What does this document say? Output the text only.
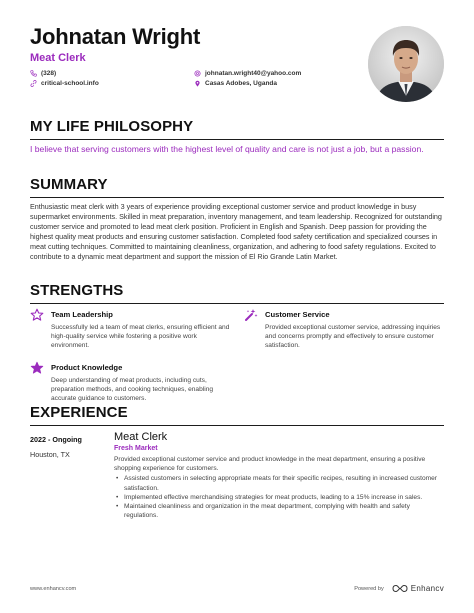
Johnatan Wright
Meat Clerk
(328)	johnatan.wright40@yahoo.com
critical-school.info	Casas Adobes, Uganda
MY LIFE PHILOSOPHY
I believe that serving customers with the highest level of quality and care is not just a job, but a passion.
SUMMARY
Enthusiastic meat clerk with 3 years of experience providing exceptional customer service and product knowledge in busy supermarket environments. Skilled in meat preparation, inventory management, and team leadership. Recognized for outstanding customer service and promoted to lead meat clerk position. Proficient in English and Spanish. Deep passion for providing the highest quality meat products and ensuring customer satisfaction. Completed food safety certification and specialized courses in meat cutting techniques. Committed to maintaining cleanliness, organization, and adhering to food safety regulations. Excited to contribute to a dynamic meat department and support the mission of El Rio Grande Latin Market.
STRENGTHS
Team Leadership
Successfully led a team of meat clerks, ensuring efficient and high-quality service while fostering a positive work environment.
Customer Service
Provided exceptional customer service, addressing inquiries and concerns promptly and effectively to ensure customer satisfaction.
Product Knowledge
Deep understanding of meat products, including cuts, preparation methods, and cooking techniques, enabling accurate guidance to customers.
EXPERIENCE
2022 - Ongoing
Houston, TX
Meat Clerk
Fresh Market
Provided exceptional customer service and product knowledge in the meat department, ensuring a positive shopping experience for customers.
• Assisted customers in selecting appropriate meats for their specific recipes, resulting in increased customer satisfaction.
• Implemented effective merchandising strategies for meat products, leading to a 15% increase in sales.
• Maintained cleanliness and organization in the meat department, complying with health and safety regulations.
www.enhancv.com	Powered by	Enhancv
